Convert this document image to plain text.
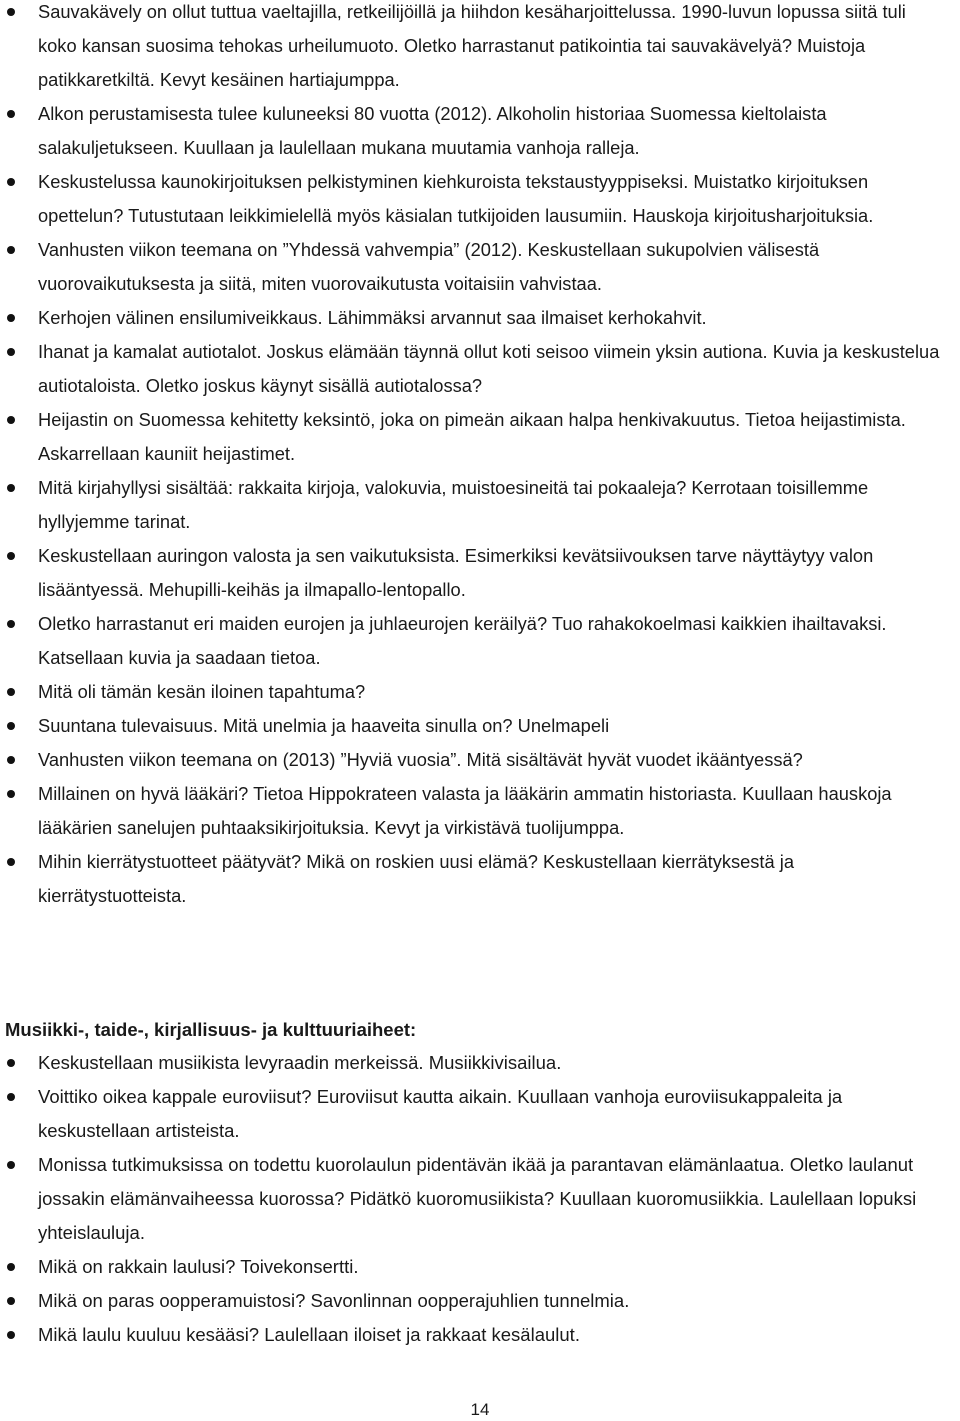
Sauvakävely on ollut tuttua vaeltajilla, retkeilijöillä ja hiihdon kesäharjoittelussa. 1990-luvun lopussa siitä tuli koko kansan suosima tehokas urheilumuoto. Oletko harrastanut patikointia tai sauvakävelyä? Muistoja patikkaretkiltä. Kevyt kesäinen hartiajumppa.
Alkon perustamisesta tulee kuluneeksi 80 vuotta (2012). Alkoholin historiaa Suomessa kieltolaista salakuljetukseen. Kuullaan ja laulellaan mukana muutamia vanhoja ralleja.
Keskustelussa kaunokirjoituksen pelkistyminen kiehkuroista tekstaustyyppiseksi. Muistatko kirjoituksen opettelun? Tutustutaan leikkimielellä myös käsialan tutkijoiden lausumiin. Hauskoja kirjoitusharjoituksia.
Vanhusten viikon teemana on ”Yhdessä vahvempia” (2012). Keskustellaan sukupolvien välisestä vuorovaikutuksesta ja siitä, miten vuorovaikutusta voitaisiin vahvistaa.
Kerhojen välinen ensilumiveikkaus. Lähimmäksi arvannut saa ilmaiset kerhokahvit.
Ihanat ja kamalat autiotalot. Joskus elämään täynnä ollut koti seisoo viimein yksin autiona. Kuvia ja keskustelua autiotaloista. Oletko joskus käynyt sisällä autiotalossa?
Heijastin on Suomessa kehitetty keksintö, joka on pimeän aikaan halpa henkivakuutus. Tietoa heijastimista. Askarrellaan kauniit heijastimet.
Mitä kirjahyllysi sisältää: rakkaita kirjoja, valokuvia, muistoesineitä tai pokaaleja? Kerrotaan toisillemme hyllyjemme tarinat.
Keskustellaan auringon valosta ja sen vaikutuksista. Esimerkiksi kevätsiivouksen tarve näyttäytyy valon lisääntyessä. Mehupilli-keihäs ja ilmapallo-lentopallo.
Oletko harrastanut eri maiden eurojen ja juhlaeurojen keräilyä? Tuo rahakokoelmasi kaikkien ihailtavaksi. Katsellaan kuvia ja saadaan tietoa.
Mitä oli tämän kesän iloinen tapahtuma?
Suuntana tulevaisuus. Mitä unelmia ja haaveita sinulla on? Unelmapeli
Vanhusten viikon teemana on (2013) ”Hyviä vuosia”. Mitä sisältävät hyvät vuodet ikääntyessä?
Millainen on hyvä lääkäri? Tietoa Hippokrateen valasta ja lääkärin ammatin historiasta. Kuullaan hauskoja lääkärien sanelujen puhtaaksikirjoituksia. Kevyt ja virkistävä tuolijumppa.
Mihin kierrätystuotteet päätyvät? Mikä on roskien uusi elämä? Keskustellaan kierrätyksestä ja kierrätystuotteista.
Musiikki-, taide-, kirjallisuus- ja kulttuuriaiheet:
Keskustellaan musiikista levyraadin merkeissä. Musiikkivisailua.
Voittiko oikea kappale euroviisut? Euroviisut kautta aikain. Kuullaan vanhoja euroviisukappaleita ja keskustellaan artisteista.
Monissa tutkimuksissa on todettu kuorolaulun pidentävän ikää ja parantavan elämänlaatua. Oletko laulanut jossakin elämänvaiheessa kuorossa? Pidätkö kuoromusiikista? Kuullaan kuoromusiikkia. Laulellaan lopuksi yhteislauluja.
Mikä on rakkain laulusi? Toivekonsertti.
Mikä on paras oopperamuistosi? Savonlinnan oopperajuhlien tunnelmia.
Mikä laulu kuuluu kesääsi? Laulellaan iloiset ja rakkaat kesälaulut.
14
